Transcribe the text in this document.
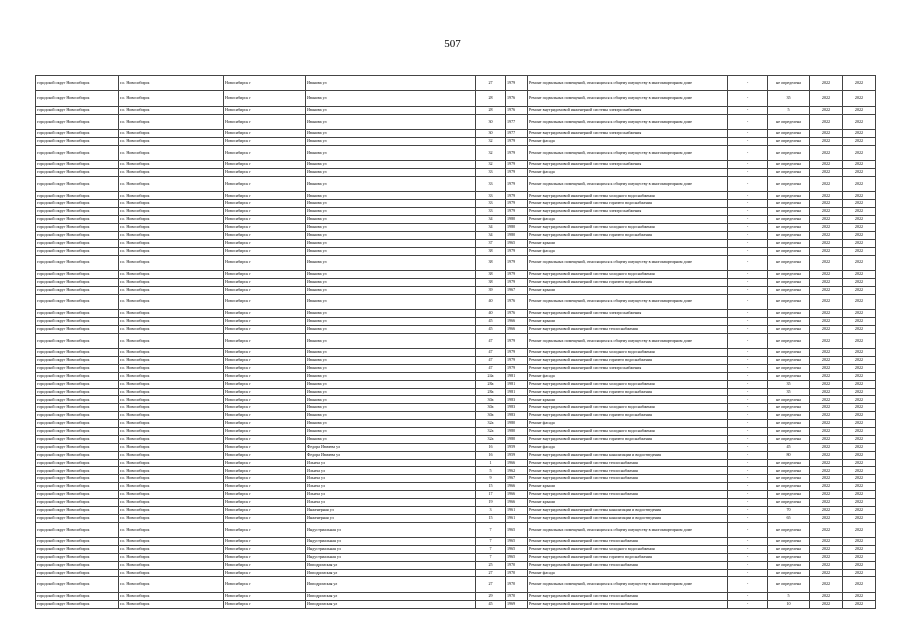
507
городской округ Новосибирск	г.о. Новосибирск	Новосибирск г	Иванова ул	27	1979	Ремонт подвальных помещений, относящихся к общему имуществу в многоквартирном доме	-	не определена	2022	2022
городской округ Новосибирск	г.о. Новосибирск	Новосибирск г	Иванова ул	28	1976	Ремонт подвальных помещений, относящихся к общему имуществу в многоквартирном доме	-	35	2022	2022
городской округ Новосибирск	г.о. Новосибирск	Новосибирск г	Иванова ул	28	1976	Ремонт внутридомовой инженерной системы электроснабжения	-	5	2022	2022
городской округ Новосибирск	г.о. Новосибирск	Новосибирск г	Иванова ул	30	1977	Ремонт подвальных помещений, относящихся к общему имуществу в многоквартирном доме	-	не определена	2022	2022
городской округ Новосибирск	г.о. Новосибирск	Новосибирск г	Иванова ул	30	1977	Ремонт внутридомовой инженерной системы электроснабжения	-	не определена	2022	2022
городской округ Новосибирск	г.о. Новосибирск	Новосибирск г	Иванова ул	32	1979	Ремонт фасада	-	не определена	2022	2022
городской округ Новосибирск	г.о. Новосибирск	Новосибирск г	Иванова ул	32	1979	Ремонт подвальных помещений, относящихся к общему имуществу в многоквартирном доме	-	не определена	2022	2022
городской округ Новосибирск	г.о. Новосибирск	Новосибирск г	Иванова ул	32	1979	Ремонт внутридомовой инженерной системы электроснабжения	-	не определена	2022	2022
городской округ Новосибирск	г.о. Новосибирск	Новосибирск г	Иванова ул	33	1979	Ремонт фасада	-	не определена	2022	2022
городской округ Новосибирск	г.о. Новосибирск	Новосибирск г	Иванова ул	33	1979	Ремонт подвальных помещений, относящихся к общему имуществу в многоквартирном доме	-	не определена	2022	2022
городской округ Новосибирск	г.о. Новосибирск	Новосибирск г	Иванова ул	33	1979	Ремонт внутридомовой инженерной системы холодного водоснабжения	-	не определена	2022	2022
городской округ Новосибирск	г.о. Новосибирск	Новосибирск г	Иванова ул	33	1979	Ремонт внутридомовой инженерной системы горячего водоснабжения	-	не определена	2022	2022
городской округ Новосибирск	г.о. Новосибирск	Новосибирск г	Иванова ул	33	1979	Ремонт внутридомовой инженерной системы электроснабжения	-	не определена	2022	2022
городской округ Новосибирск	г.о. Новосибирск	Новосибирск г	Иванова ул	34	1980	Ремонт фасада	-	не определена	2022	2022
городской округ Новосибирск	г.о. Новосибирск	Новосибирск г	Иванова ул	34	1980	Ремонт внутридомовой инженерной системы холодного водоснабжения	-	не определена	2022	2022
городской округ Новосибирск	г.о. Новосибирск	Новосибирск г	Иванова ул	34	1980	Ремонт внутридомовой инженерной системы горячего водоснабжения	-	не определена	2022	2022
городской округ Новосибирск	г.о. Новосибирск	Новосибирск г	Иванова ул	37	1965	Ремонт крыши	-	не определена	2022	2022
городской округ Новосибирск	г.о. Новосибирск	Новосибирск г	Иванова ул	38	1979	Ремонт фасада	-	не определена	2022	2022
городской округ Новосибирск	г.о. Новосибирск	Новосибирск г	Иванова ул	38	1979	Ремонт подвальных помещений, относящихся к общему имуществу в многоквартирном доме	-	не определена	2022	2022
городской округ Новосибирск	г.о. Новосибирск	Новосибирск г	Иванова ул	38	1979	Ремонт внутридомовой инженерной системы холодного водоснабжения	-	не определена	2022	2022
городской округ Новосибирск	г.о. Новосибирск	Новосибирск г	Иванова ул	38	1979	Ремонт внутридомовой инженерной системы горячего водоснабжения	-	не определена	2022	2022
городской округ Новосибирск	г.о. Новосибирск	Новосибирск г	Иванова ул	39	1967	Ремонт крыши	-	не определена	2022	2022
городской округ Новосибирск	г.о. Новосибирск	Новосибирск г	Иванова ул	40	1976	Ремонт подвальных помещений, относящихся к общему имуществу в многоквартирном доме	-	не определена	2022	2022
городской округ Новосибирск	г.о. Новосибирск	Новосибирск г	Иванова ул	40	1976	Ремонт внутридомовой инженерной системы электроснабжения	-	не определена	2022	2022
городской округ Новосибирск	г.о. Новосибирск	Новосибирск г	Иванова ул	45	1966	Ремонт крыши	-	не определена	2022	2022
городской округ Новосибирск	г.о. Новосибирск	Новосибирск г	Иванова ул	45	1966	Ремонт внутридомовой инженерной системы теплоснабжения	-	не определена	2022	2022
городской округ Новосибирск	г.о. Новосибирск	Новосибирск г	Иванова ул	47	1979	Ремонт подвальных помещений, относящихся к общему имуществу в многоквартирном доме	-	не определена	2022	2022
городской округ Новосибирск	г.о. Новосибирск	Новосибирск г	Иванова ул	47	1979	Ремонт внутридомовой инженерной системы холодного водоснабжения	-	не определена	2022	2022
городской округ Новосибирск	г.о. Новосибирск	Новосибирск г	Иванова ул	47	1979	Ремонт внутридомовой инженерной системы горячего водоснабжения	-	не определена	2022	2022
городской округ Новосибирск	г.о. Новосибирск	Новосибирск г	Иванова ул	47	1979	Ремонт внутридомовой инженерной системы электроснабжения	-	не определена	2022	2022
городской округ Новосибирск	г.о. Новосибирск	Новосибирск г	Иванова ул	24а	1981	Ремонт фасада	-	не определена	2022	2022
городской округ Новосибирск	г.о. Новосибирск	Новосибирск г	Иванова ул	28а	1981	Ремонт внутридомовой инженерной системы холодного водоснабжения	-	35	2022	2022
городской округ Новосибирск	г.о. Новосибирск	Новосибирск г	Иванова ул	28а	1981	Ремонт внутридомовой инженерной системы горячего водоснабжения	-	35	2022	2022
городской округ Новосибирск	г.о. Новосибирск	Новосибирск г	Иванова ул	30а	1983	Ремонт крыши	-	не определена	2022	2022
городской округ Новосибирск	г.о. Новосибирск	Новосибирск г	Иванова ул	30а	1983	Ремонт внутридомовой инженерной системы холодного водоснабжения	-	не определена	2022	2022
городской округ Новосибирск	г.о. Новосибирск	Новосибирск г	Иванова ул	30а	1983	Ремонт внутридомовой инженерной системы горячего водоснабжения	-	не определена	2022	2022
городской округ Новосибирск	г.о. Новосибирск	Новосибирск г	Иванова ул	32а	1980	Ремонт фасада	-	не определена	2022	2022
городской округ Новосибирск	г.о. Новосибирск	Новосибирск г	Иванова ул	32а	1980	Ремонт внутридомовой инженерной системы холодного водоснабжения	-	не определена	2022	2022
городской округ Новосибирск	г.о. Новосибирск	Новосибирск г	Иванова ул	32а	1980	Ремонт внутридомовой инженерной системы горячего водоснабжения	-	не определена	2022	2022
городской округ Новосибирск	г.о. Новосибирск	Новосибирск г	Федора Ивачева ул	16	1959	Ремонт фасада	-	45	2022	2022
городской округ Новосибирск	г.о. Новосибирск	Новосибирск г	Федора Ивачева ул	16	1959	Ремонт внутридомовой инженерной системы канализации и водоотведения	-	80	2022	2022
городской округ Новосибирск	г.о. Новосибирск	Новосибирск г	Ильича ул	1	1966	Ремонт внутридомовой инженерной системы теплоснабжения	-	не определена	2022	2022
городской округ Новосибирск	г.о. Новосибирск	Новосибирск г	Ильича ул	5	1962	Ремонт внутридомовой инженерной системы теплоснабжения	-	не определена	2022	2022
городской округ Новосибирск	г.о. Новосибирск	Новосибирск г	Ильича ул	9	1967	Ремонт внутридомовой инженерной системы теплоснабжения	-	не определена	2022	2022
городской округ Новосибирск	г.о. Новосибирск	Новосибирск г	Ильича ул	15	1966	Ремонт крыши	-	не определена	2022	2022
городской округ Новосибирск	г.о. Новосибирск	Новосибирск г	Ильича ул	17	1966	Ремонт внутридомовой инженерной системы теплоснабжения	-	не определена	2022	2022
городской округ Новосибирск	г.о. Новосибирск	Новосибирск г	Ильича ул	19	1966	Ремонт крыши	-	не определена	2022	2022
городской округ Новосибирск	г.о. Новосибирск	Новосибирск г	Инженерная ул	3	1961	Ремонт внутридомовой инженерной системы канализации и водоотведения	-	70	2022	2022
городской округ Новосибирск	г.о. Новосибирск	Новосибирск г	Инженерная ул	15	1961	Ремонт внутридомовой инженерной системы канализации и водоотведения	-	65	2022	2022
городской округ Новосибирск	г.о. Новосибирск	Новосибирск г	Индустриальная ул	7	1965	Ремонт подвальных помещений, относящихся к общему имуществу в многоквартирном доме	-	не определена	2022	2022
городской округ Новосибирск	г.о. Новосибирск	Новосибирск г	Индустриальная ул	7	1965	Ремонт внутридомовой инженерной системы теплоснабжения	-	не определена	2022	2022
городской округ Новосибирск	г.о. Новосибирск	Новосибирск г	Индустриальная ул	7	1965	Ремонт внутридомовой инженерной системы холодного водоснабжения	-	не определена	2022	2022
городской округ Новосибирск	г.о. Новосибирск	Новосибирск г	Индустриальная ул	7	1965	Ремонт внутридомовой инженерной системы горячего водоснабжения	-	не определена	2022	2022
городской округ Новосибирск	г.о. Новосибирск	Новосибирск г	Ипподромская ул	25	1970	Ремонт внутридомовой инженерной системы теплоснабжения	-	не определена	2022	2022
городской округ Новосибирск	г.о. Новосибирск	Новосибирск г	Ипподромская ул	27	1970	Ремонт фасада	-	не определена	2022	2022
городской округ Новосибирск	г.о. Новосибирск	Новосибирск г	Ипподромская ул	27	1970	Ремонт подвальных помещений, относящихся к общему имуществу в многоквартирном доме	-	не определена	2022	2022
городской округ Новосибирск	г.о. Новосибирск	Новосибирск г	Ипподромская ул	29	1970	Ремонт внутридомовой инженерной системы теплоснабжения	-	5	2022	2022
городской округ Новосибирск	г.о. Новосибирск	Новосибирск г	Ипподромская ул	45	1969	Ремонт внутридомовой инженерной системы теплоснабжения	-	10	2022	2022
